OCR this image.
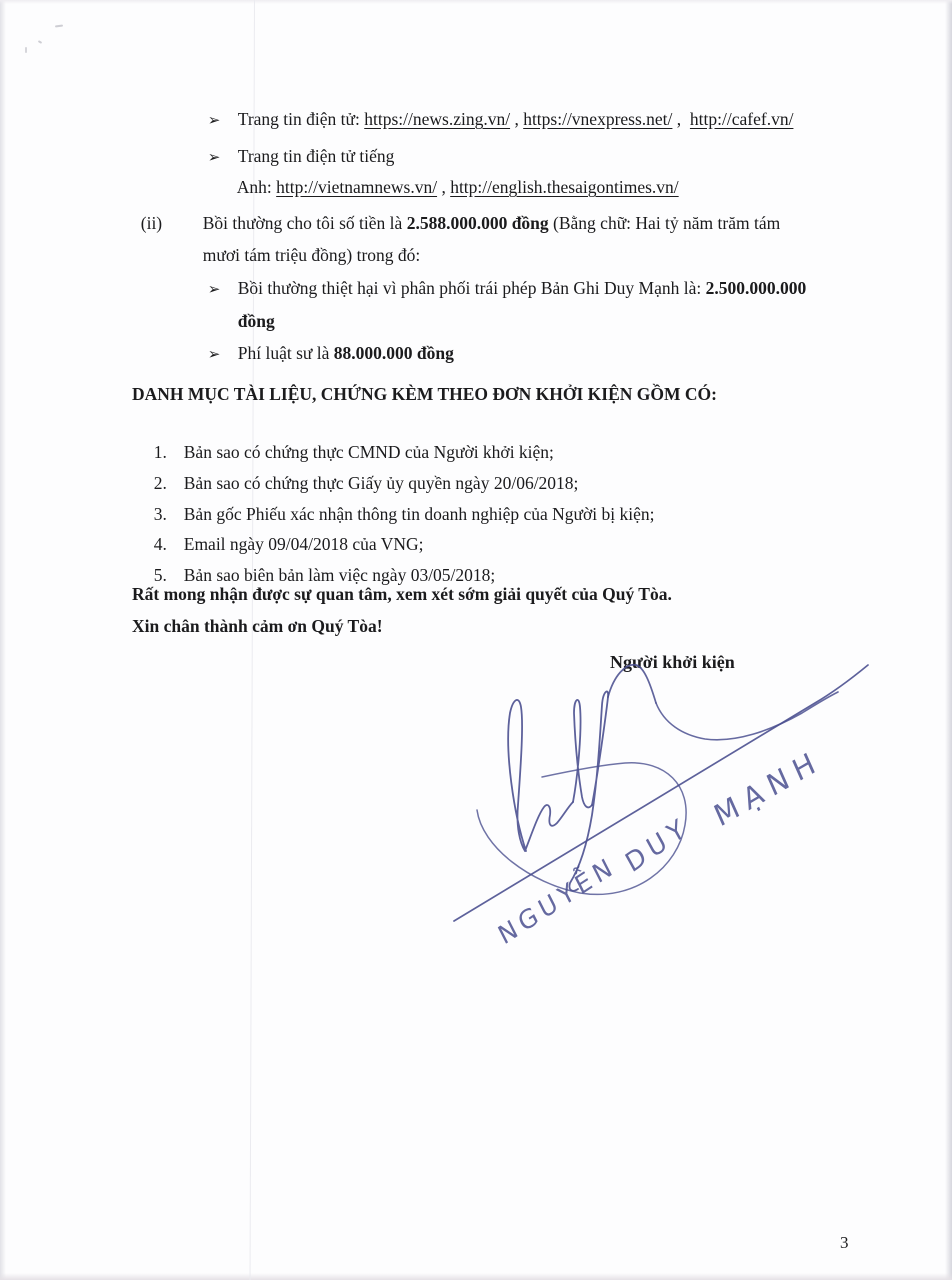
➢ Trang tin điện tử: https://news.zing.vn/ , https://vnexpress.net/ ,  http://cafef.vn/

➢ Trang tin điện tử tiếng

Anh: http://vietnamnews.vn/ , http://english.thesaigontimes.vn/

(ii) Bồi thường cho tôi số tiền là 2.588.000.000 đồng (Bằng chữ: Hai tỷ năm trăm tám

mươi tám triệu đồng) trong đó:

➢ Bồi thường thiệt hại vì phân phối trái phép Bản Ghi Duy Mạnh là: 2.500.000.000

đồng

➢ Phí luật sư là 88.000.000 đồng

DANH MỤC TÀI LIỆU, CHỨNG KÈM THEO ĐƠN KHỞI KIỆN GỒM CÓ:

1. Bản sao có chứng thực CMND của Người khởi kiện;

2. Bản sao có chứng thực Giấy ủy quyền ngày 20/06/2018;

3. Bản gốc Phiếu xác nhận thông tin doanh nghiệp của Người bị kiện;

4. Email ngày 09/04/2018 của VNG;

5. Bản sao biên bản làm việc ngày 03/05/2018;

Rất mong nhận được sự quan tâm, xem xét sớm giải quyết của Quý Tòa.
Xin chân thành cảm ơn Quý Tòa!
Người khởi kiện
NGUYỄN
DUY
MẠNH
3
